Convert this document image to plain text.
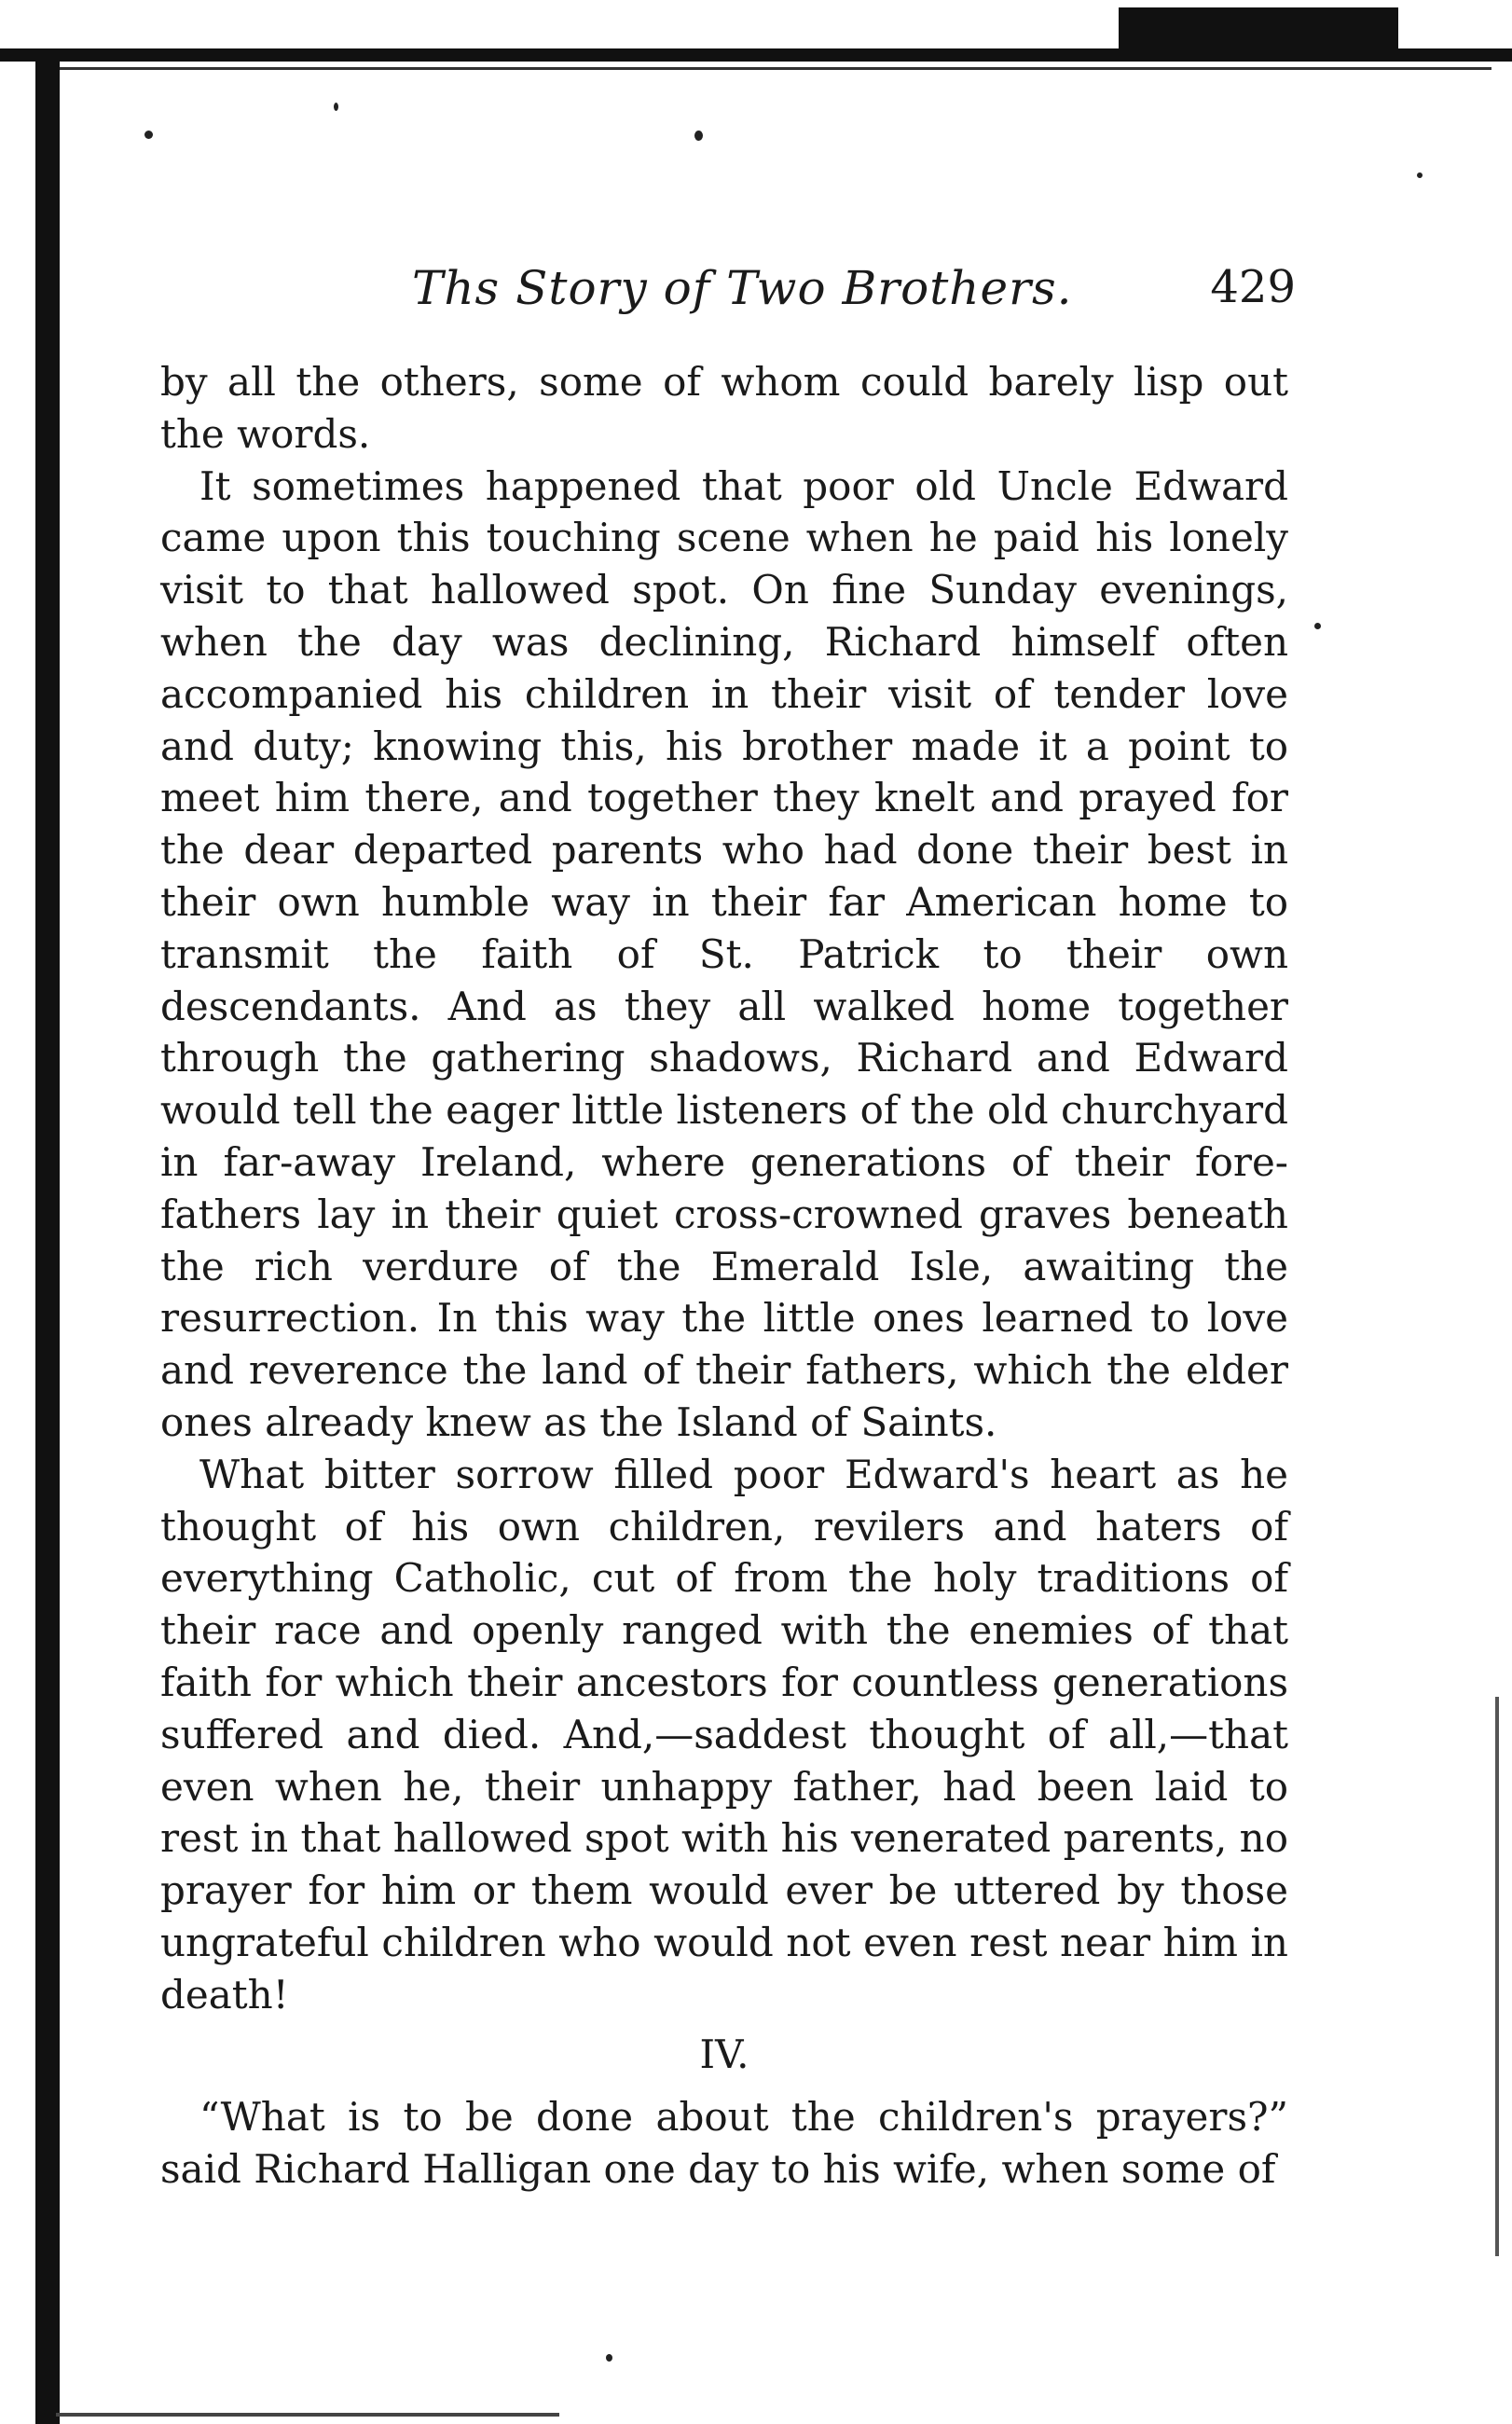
Ths Story of Two Brothers.	429

by all the others, some of whom could barely lisp out the words.

It sometimes happened that poor old Uncle Edward came upon this touching scene when he paid his lonely visit to that hallowed spot. On fine Sunday evenings, when the day was declining, Richard himself often accompanied his children in their visit of tender love and duty; knowing this, his brother made it a point to meet him there, and together they knelt and prayed for the dear departed parents who had done their best in their own humble way in their far American home to transmit the faith of St. Patrick to their own descendants. And as they all walked home together through the gathering shadows, Richard and Edward would tell the eager little listeners of the old churchyard in far-away Ireland, where generations of their fore-fathers lay in their quiet cross-crowned graves beneath the rich verdure of the Emerald Isle, awaiting the resurrection. In this way the little ones learned to love and reverence the land of their fathers, which the elder ones already knew as the Island of Saints.

What bitter sorrow filled poor Edward's heart as he thought of his own children, revilers and haters of everything Catholic, cut of from the holy traditions of their race and openly ranged with the enemies of that faith for which their ancestors for countless generations suffered and died. And,—saddest thought of all,—that even when he, their unhappy father, had been laid to rest in that hallowed spot with his venerated parents, no prayer for him or them would ever be uttered by those ungrateful children who would not even rest near him in death!

IV.

“What is to be done about the children's prayers?” said Richard Halligan one day to his wife, when some of
